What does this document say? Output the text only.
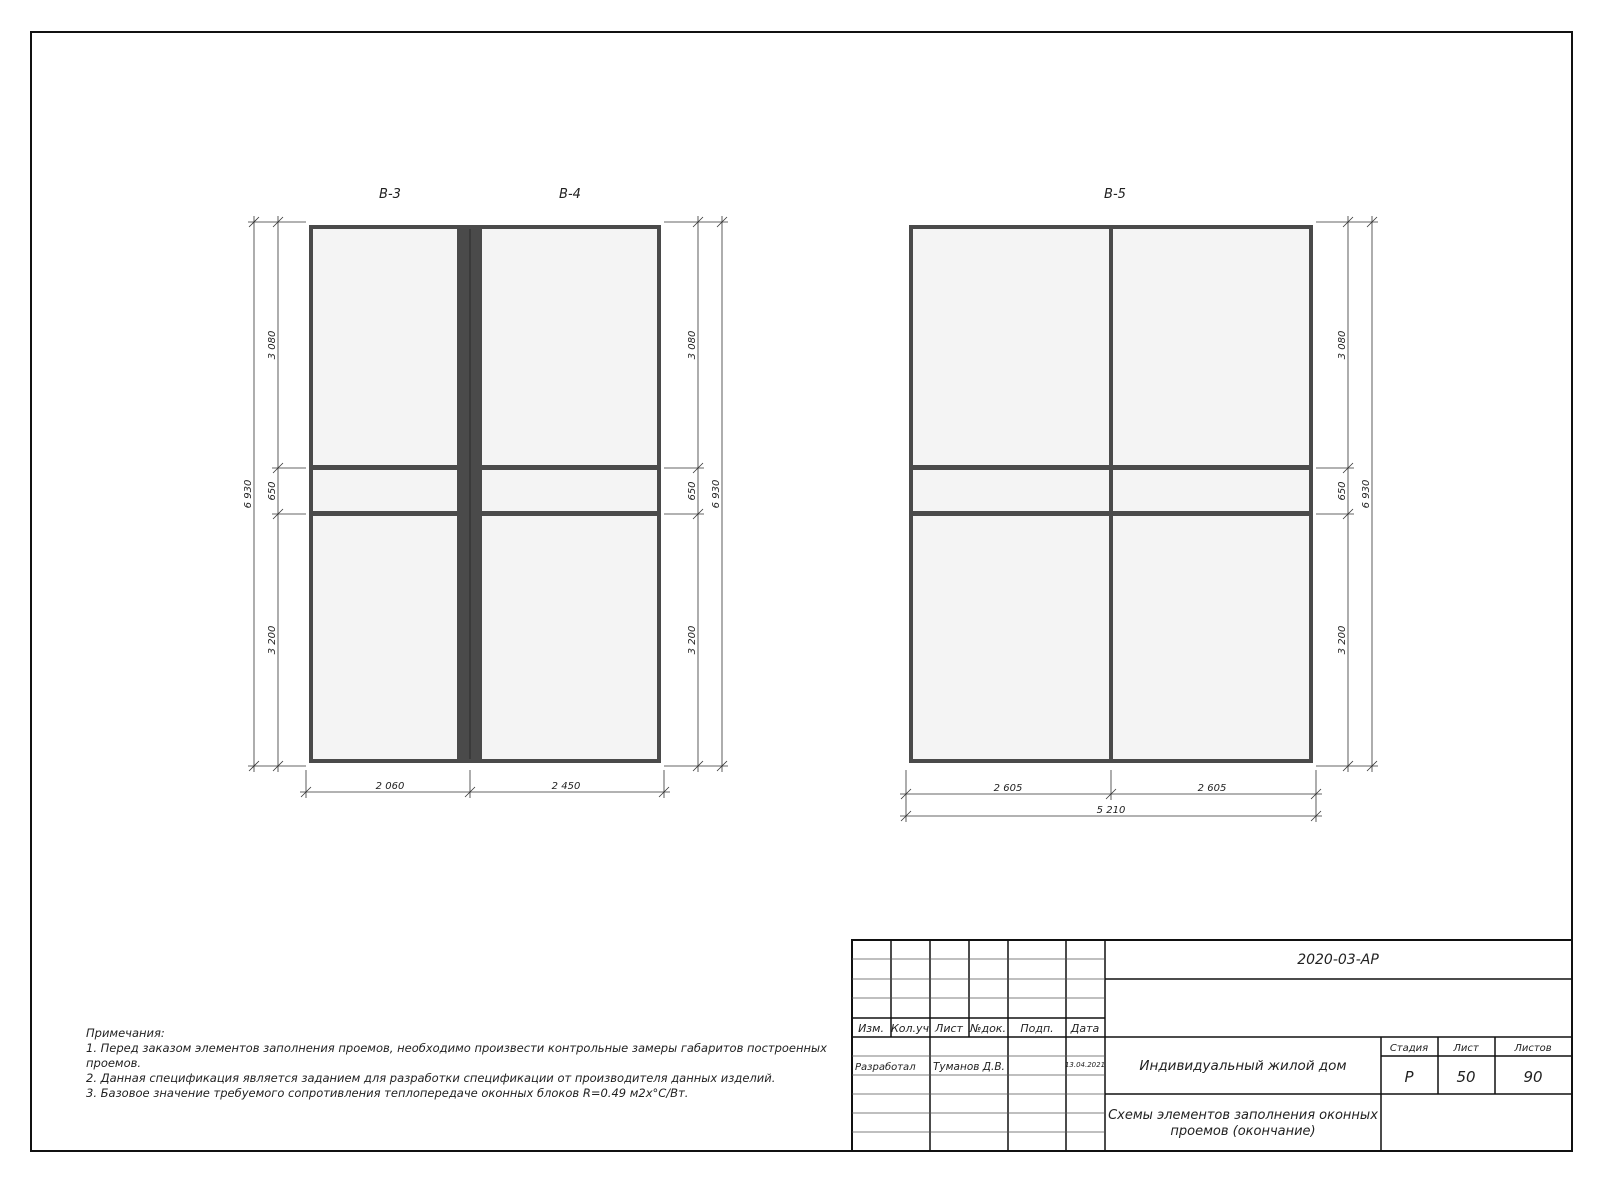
В-3	В-4	В-5
6 930
3 080
650
3 200
3 080
650
3 200
6 930
2 060	2 450
3 080
650
3 200
6 930
2 605	2 605
5 210
Изм. Кол.уч Лист №док. Подп. Дата
Разработал Туманов Д.В.	13.04.2021
2020-03-АР
Индивидуальный жилой дом
Схемы элементов заполнения оконных
проемов (окончание)
Стадия	Лист	Листов
Р	50	90
Примечания:
1. Перед заказом элементов заполнения проемов, необходимо произвести контрольные замеры габаритов построенных проемов.
2. Данная спецификация является заданием для разработки спецификации от производителя данных изделий.
3. Базовое значение требуемого сопротивления теплопередаче оконных блоков R=0.49 м2х°С/Вт.
